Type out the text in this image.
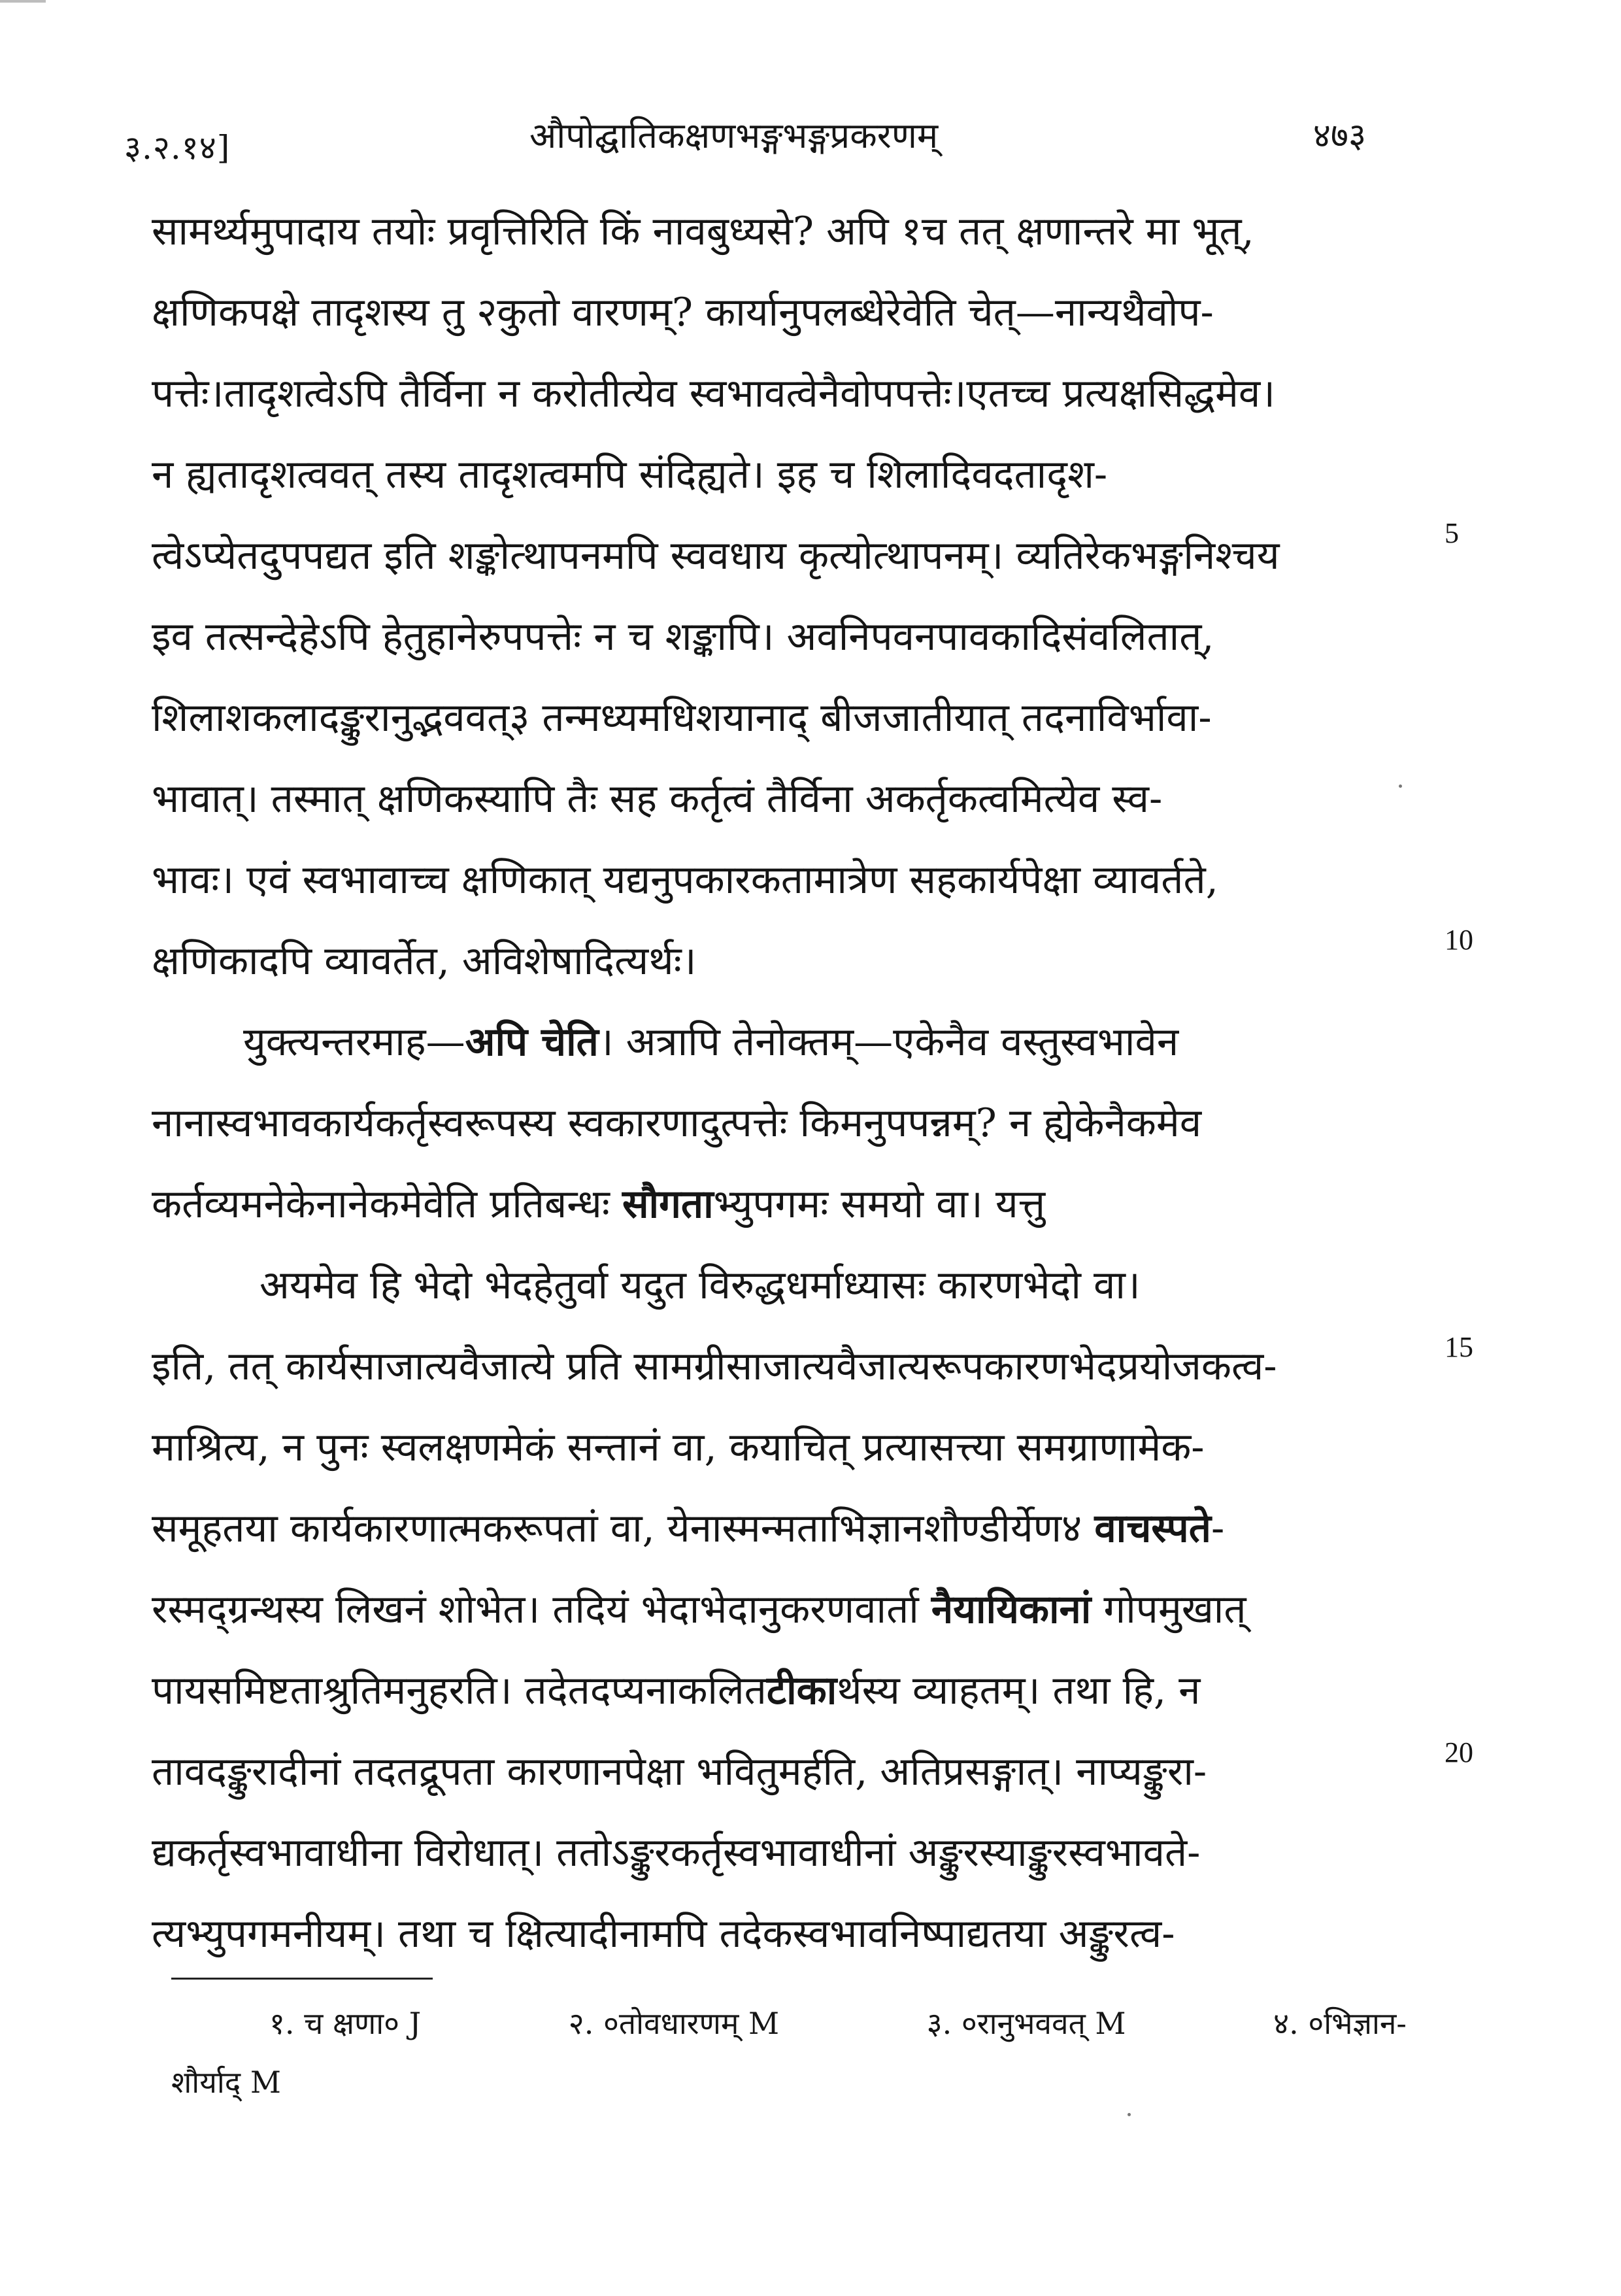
३.२.१४]	औपोद्घातिकक्षणभङ्गभङ्गप्रकरणम्	४७३
सामर्थ्यमुपादाय तयोः प्रवृत्तिरिति किं नावबुध्यसे? अपि १च तत् क्षणान्तरे मा भूत्,
क्षणिकपक्षे तादृशस्य तु २कुतो वारणम्? कार्यानुपलब्धेरेवेति चेत्—नान्यथैवोप-
पत्तेः।तादृशत्वेऽपि तैर्विना न करोतीत्येव स्वभावत्वेनैवोपपत्तेः।एतच्च प्रत्यक्षसिद्धमेव।
न ह्यतादृशत्ववत् तस्य तादृशत्वमपि संदिह्यते। इह च शिलादिवदतादृश-
त्वेऽप्येतदुपपद्यत इति शङ्कोत्थापनमपि स्ववधाय कृत्योत्थापनम्। व्यतिरेकभङ्गनिश्चय
इव तत्सन्देहेऽपि हेतुहानेरुपपत्तेः न च शङ्कापि। अवनिपवनपावकादिसंवलितात्,
शिलाशकलादङ्कुरानुद्भववत्३ तन्मध्यमधिशयानाद् बीजजातीयात् तदनाविर्भावा-
भावात्। तस्मात् क्षणिकस्यापि तैः सह कर्तृत्वं तैर्विना अकर्तृकत्वमित्येव स्व-
भावः। एवं स्वभावाच्च क्षणिकात् यद्यनुपकारकतामात्रेण सहकार्यपेक्षा व्यावर्तते,
क्षणिकादपि व्यावर्तेत, अविशेषादित्यर्थः।
युक्त्यन्तरमाह—अपि चेति। अत्रापि तेनोक्तम्—एकेनैव वस्तुस्वभावेन
नानास्वभावकार्यकर्तृस्वरूपस्य स्वकारणादुत्पत्तेः किमनुपपन्नम्? न ह्येकेनैकमेव
कर्तव्यमनेकेनानेकमेवेति प्रतिबन्धः सौगताभ्युपगमः समयो वा। यत्तु
अयमेव हि भेदो भेदहेतुर्वा यदुत विरुद्धधर्माध्यासः कारणभेदो वा।
इति, तत् कार्यसाजात्यवैजात्ये प्रति सामग्रीसाजात्यवैजात्यरूपकारणभेदप्रयोजकत्व-
माश्रित्य, न पुनः स्वलक्षणमेकं सन्तानं वा, कयाचित् प्रत्यासत्त्या समग्राणामेक-
समूहतया कार्यकारणात्मकरूपतां वा, येनास्मन्मताभिज्ञानशौण्डीर्येण४ वाचस्पते-
रस्मद्ग्रन्थस्य लिखनं शोभेत। तदियं भेदाभेदानुकरणवार्ता नैयायिकानां गोपमुखात्
पायसमिष्टताश्रुतिमनुहरति। तदेतदप्यनाकलितटीकार्थस्य व्याहतम्। तथा हि, न
तावदङ्कुरादीनां तदतद्रूपता कारणानपेक्षा भवितुमर्हति, अतिप्रसङ्गात्। नाप्यङ्कुरा-
द्यकर्तृस्वभावाधीना विरोधात्। ततोऽङ्कुरकर्तृस्वभावाधीनां अङ्कुरस्याङ्कुरस्वभावते-
त्यभ्युपगमनीयम्। तथा च क्षित्यादीनामपि तदेकस्वभावनिष्पाद्यतया अङ्कुरत्व-
5
10
15
20
१. च क्षणा० J	२. ०तोवधारणम् M	३. ०रानुभववत् M	४. ०भिज्ञान-
शौर्याद् M
